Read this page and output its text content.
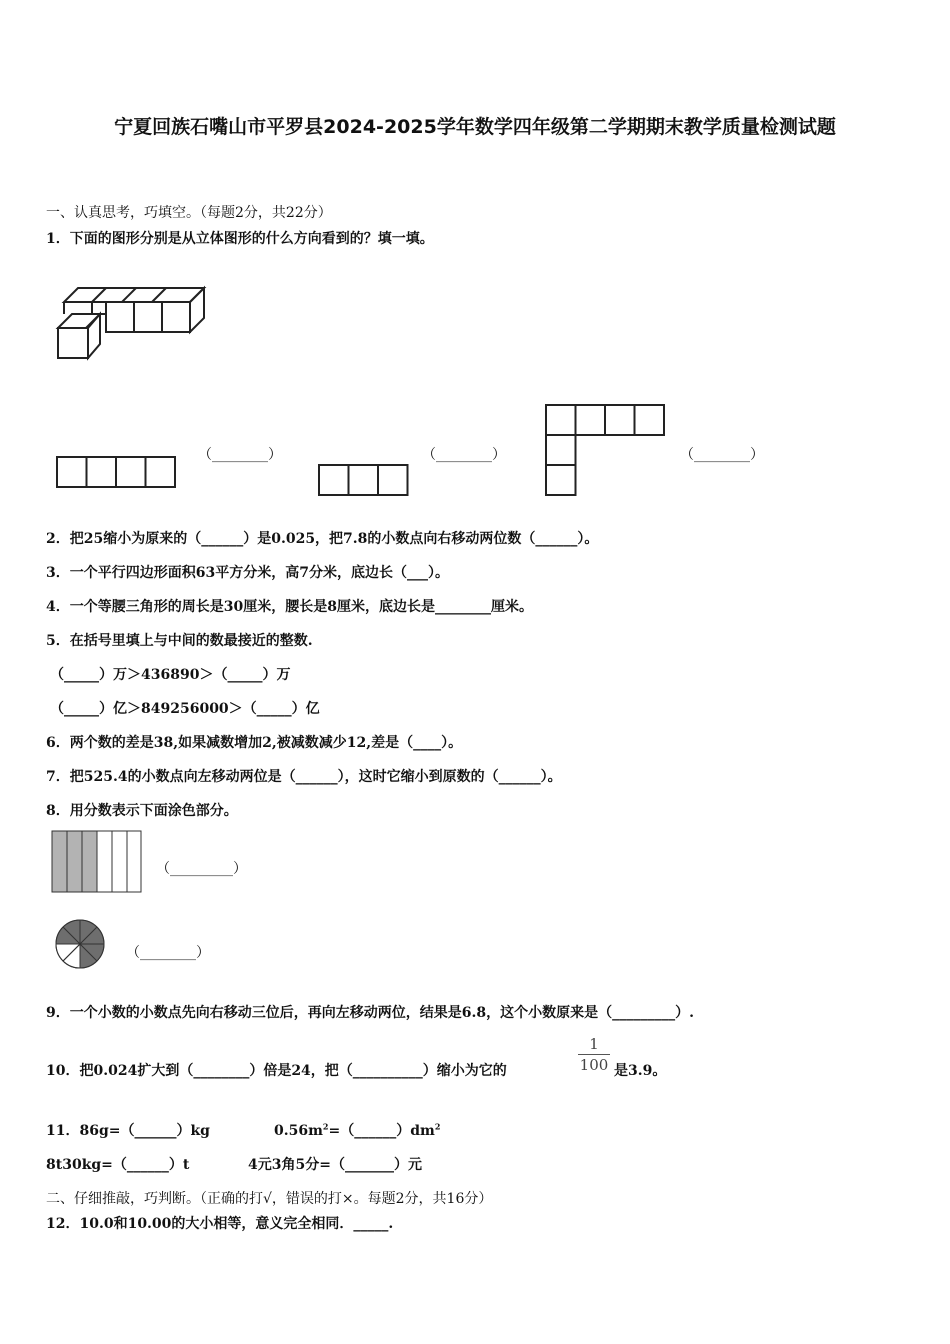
宁夏回族石嘴山市平罗县2024-2025学年数学四年级第二学期期末教学质量检测试题
一、认真思考，巧填空。（每题2分，共22分）
1．下面的图形分别是从立体图形的什么方向看到的？填一填。
（________）	（________）	（________）
2．把25缩小为原来的（______）是0.025，把7.8的小数点向右移动两位数（______）。
3．一个平行四边形面积63平方分米，高7分米，底边长（___）。
4．一个等腰三角形的周长是30厘米，腰长是8厘米，底边长是________厘米。
5．在括号里填上与中间的数最接近的整数.
（_____）万＞436890＞（_____）万
（_____）亿＞849256000＞（_____）亿
6．两个数的差是38,如果减数增加2,被减数减少12,差是（____）。
7．把525.4的小数点向左移动两位是（______），这时它缩小到原数的（______）。
8．用分数表示下面涂色部分。
（_________）
（________）
9．一个小数的小数点先向右移动三位后，再向左移动两位，结果是6.8，这个小数原来是（_________）.
10．把0.024扩大到（________）倍是24，把（__________）缩小为它的	$\frac{1}{100}$ 是3.9。
11．86g=（______）kg	$0.56m^2=(\_\_\_\_\_\_)dm^2$
8t30kg=（______）t	4元3角5分=（_______）元
二、仔细推敲，巧判断。（正确的打√，错误的打×。每题2分，共16分）
12．10.0和10.00的大小相等，意义完全相同．_____.
